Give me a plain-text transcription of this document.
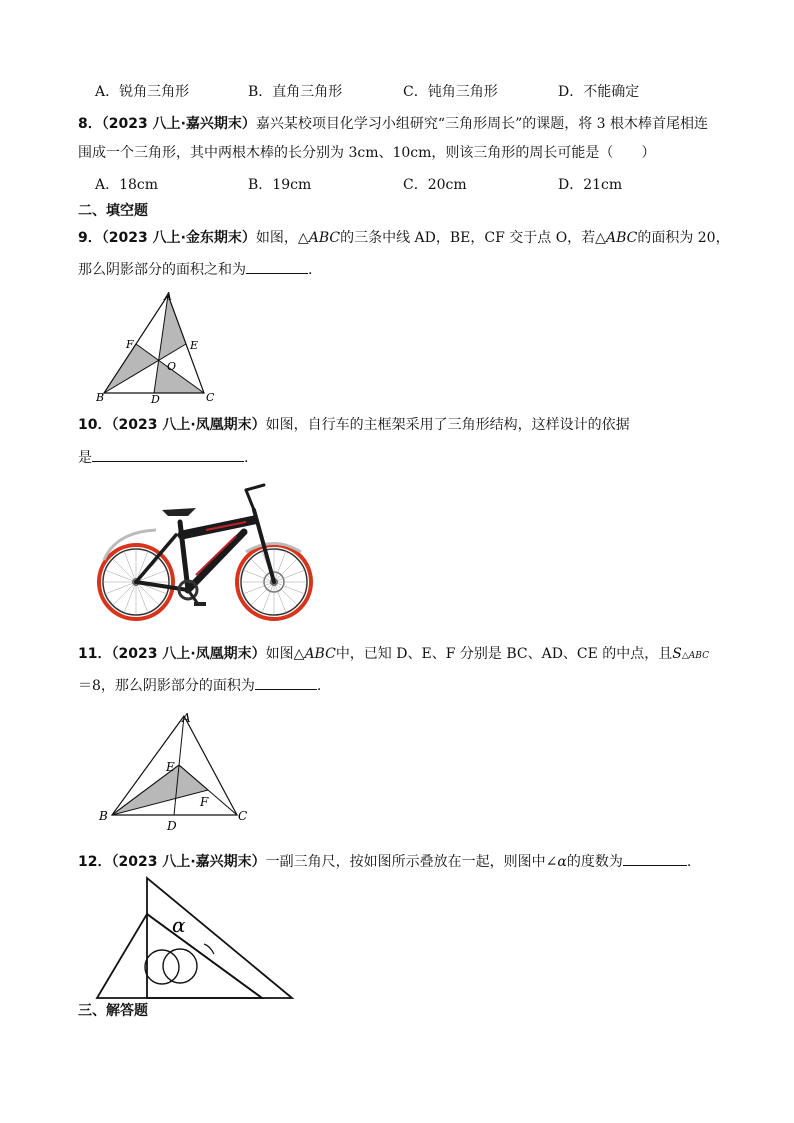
A．锐角三角形	B．直角三角形	C．钝角三角形	D．不能确定
8．（2023 八上·嘉兴期末）嘉兴某校项目化学习小组研究“三角形周长”的课题，将 3 根木棒首尾相连
围成一个三角形，其中两根木棒的长分别为 3cm、10cm，则该三角形的周长可能是（　　）
A．18cm	B．19cm	C．20cm	D．21cm
二、填空题
9．（2023 八上·金东期末）如图，△ABC的三条中线 AD，BE，CF 交于点 O，若△ABC的面积为 20，
那么阴影部分的面积之和为	.
A
B	C
D
E
F
O
10．（2023 八上·凤凰期末）如图，自行车的主框架采用了三角形结构，这样设计的依据
是	.
11．（2023 八上·凤凰期末）如图△ABC中，已知 D、E、F 分别是 BC、AD、CE 的中点，且S△ABC
＝8，那么阴影部分的面积为	.
A
B	C
D
E
F
12．（2023 八上·嘉兴期末）一副三角尺，按如图所示叠放在一起，则图中∠α的度数为	.
α
三、解答题
